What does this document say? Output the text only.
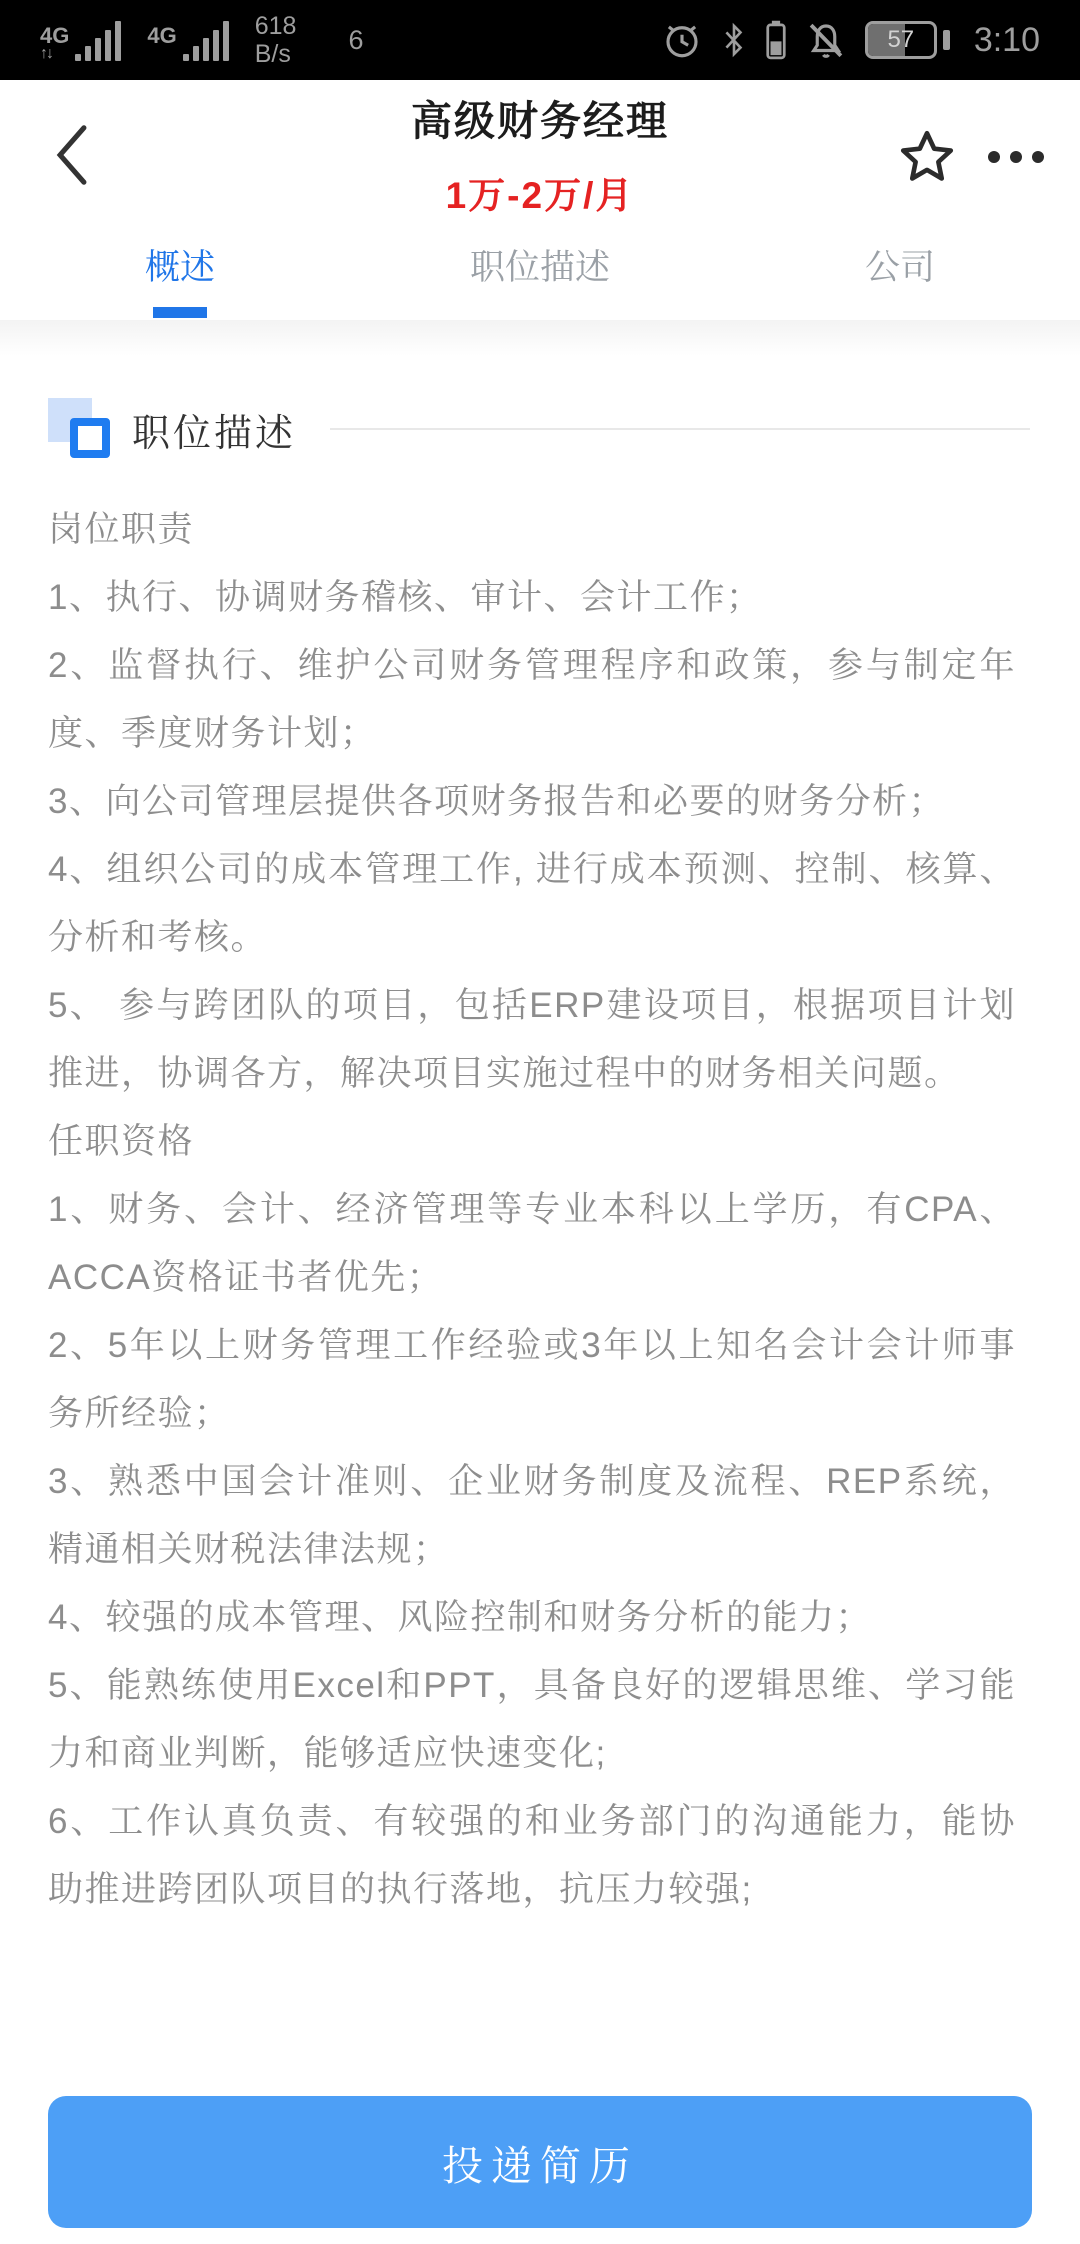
4G
↑↓
4G
	618
B/s 6	57	3:10
高级财务经理
1万-2万/月
概述	职位描述	公司
职位描述

岗位职责

1、执行、协调财务稽核、审计、会计工作；

2、监督执行、维护公司财务管理程序和政策，参与制定年度、季度财务计划；

3、向公司管理层提供各项财务报告和必要的财务分析；

4、组织公司的成本管理工作, 进行成本预测、控制、核算、分析和考核。

5、 参与跨团队的项目，包括ERP建设项目，根据项目计划推进，协调各方，解决项目实施过程中的财务相关问题。

任职资格

1、财务、会计、经济管理等专业本科以上学历，有CPA、ACCA资格证书者优先；

2、5年以上财务管理工作经验或3年以上知名会计会计师事务所经验；

3、熟悉中国会计准则、企业财务制度及流程、REP系统，精通相关财税法律法规；

4、较强的成本管理、风险控制和财务分析的能力；

5、能熟练使用Excel和PPT，具备良好的逻辑思维、学习能力和商业判断，能够适应快速变化;

6、工作认真负责、有较强的和业务部门的沟通能力，能协助推进跨团队项目的执行落地，抗压力较强;

投递简历
